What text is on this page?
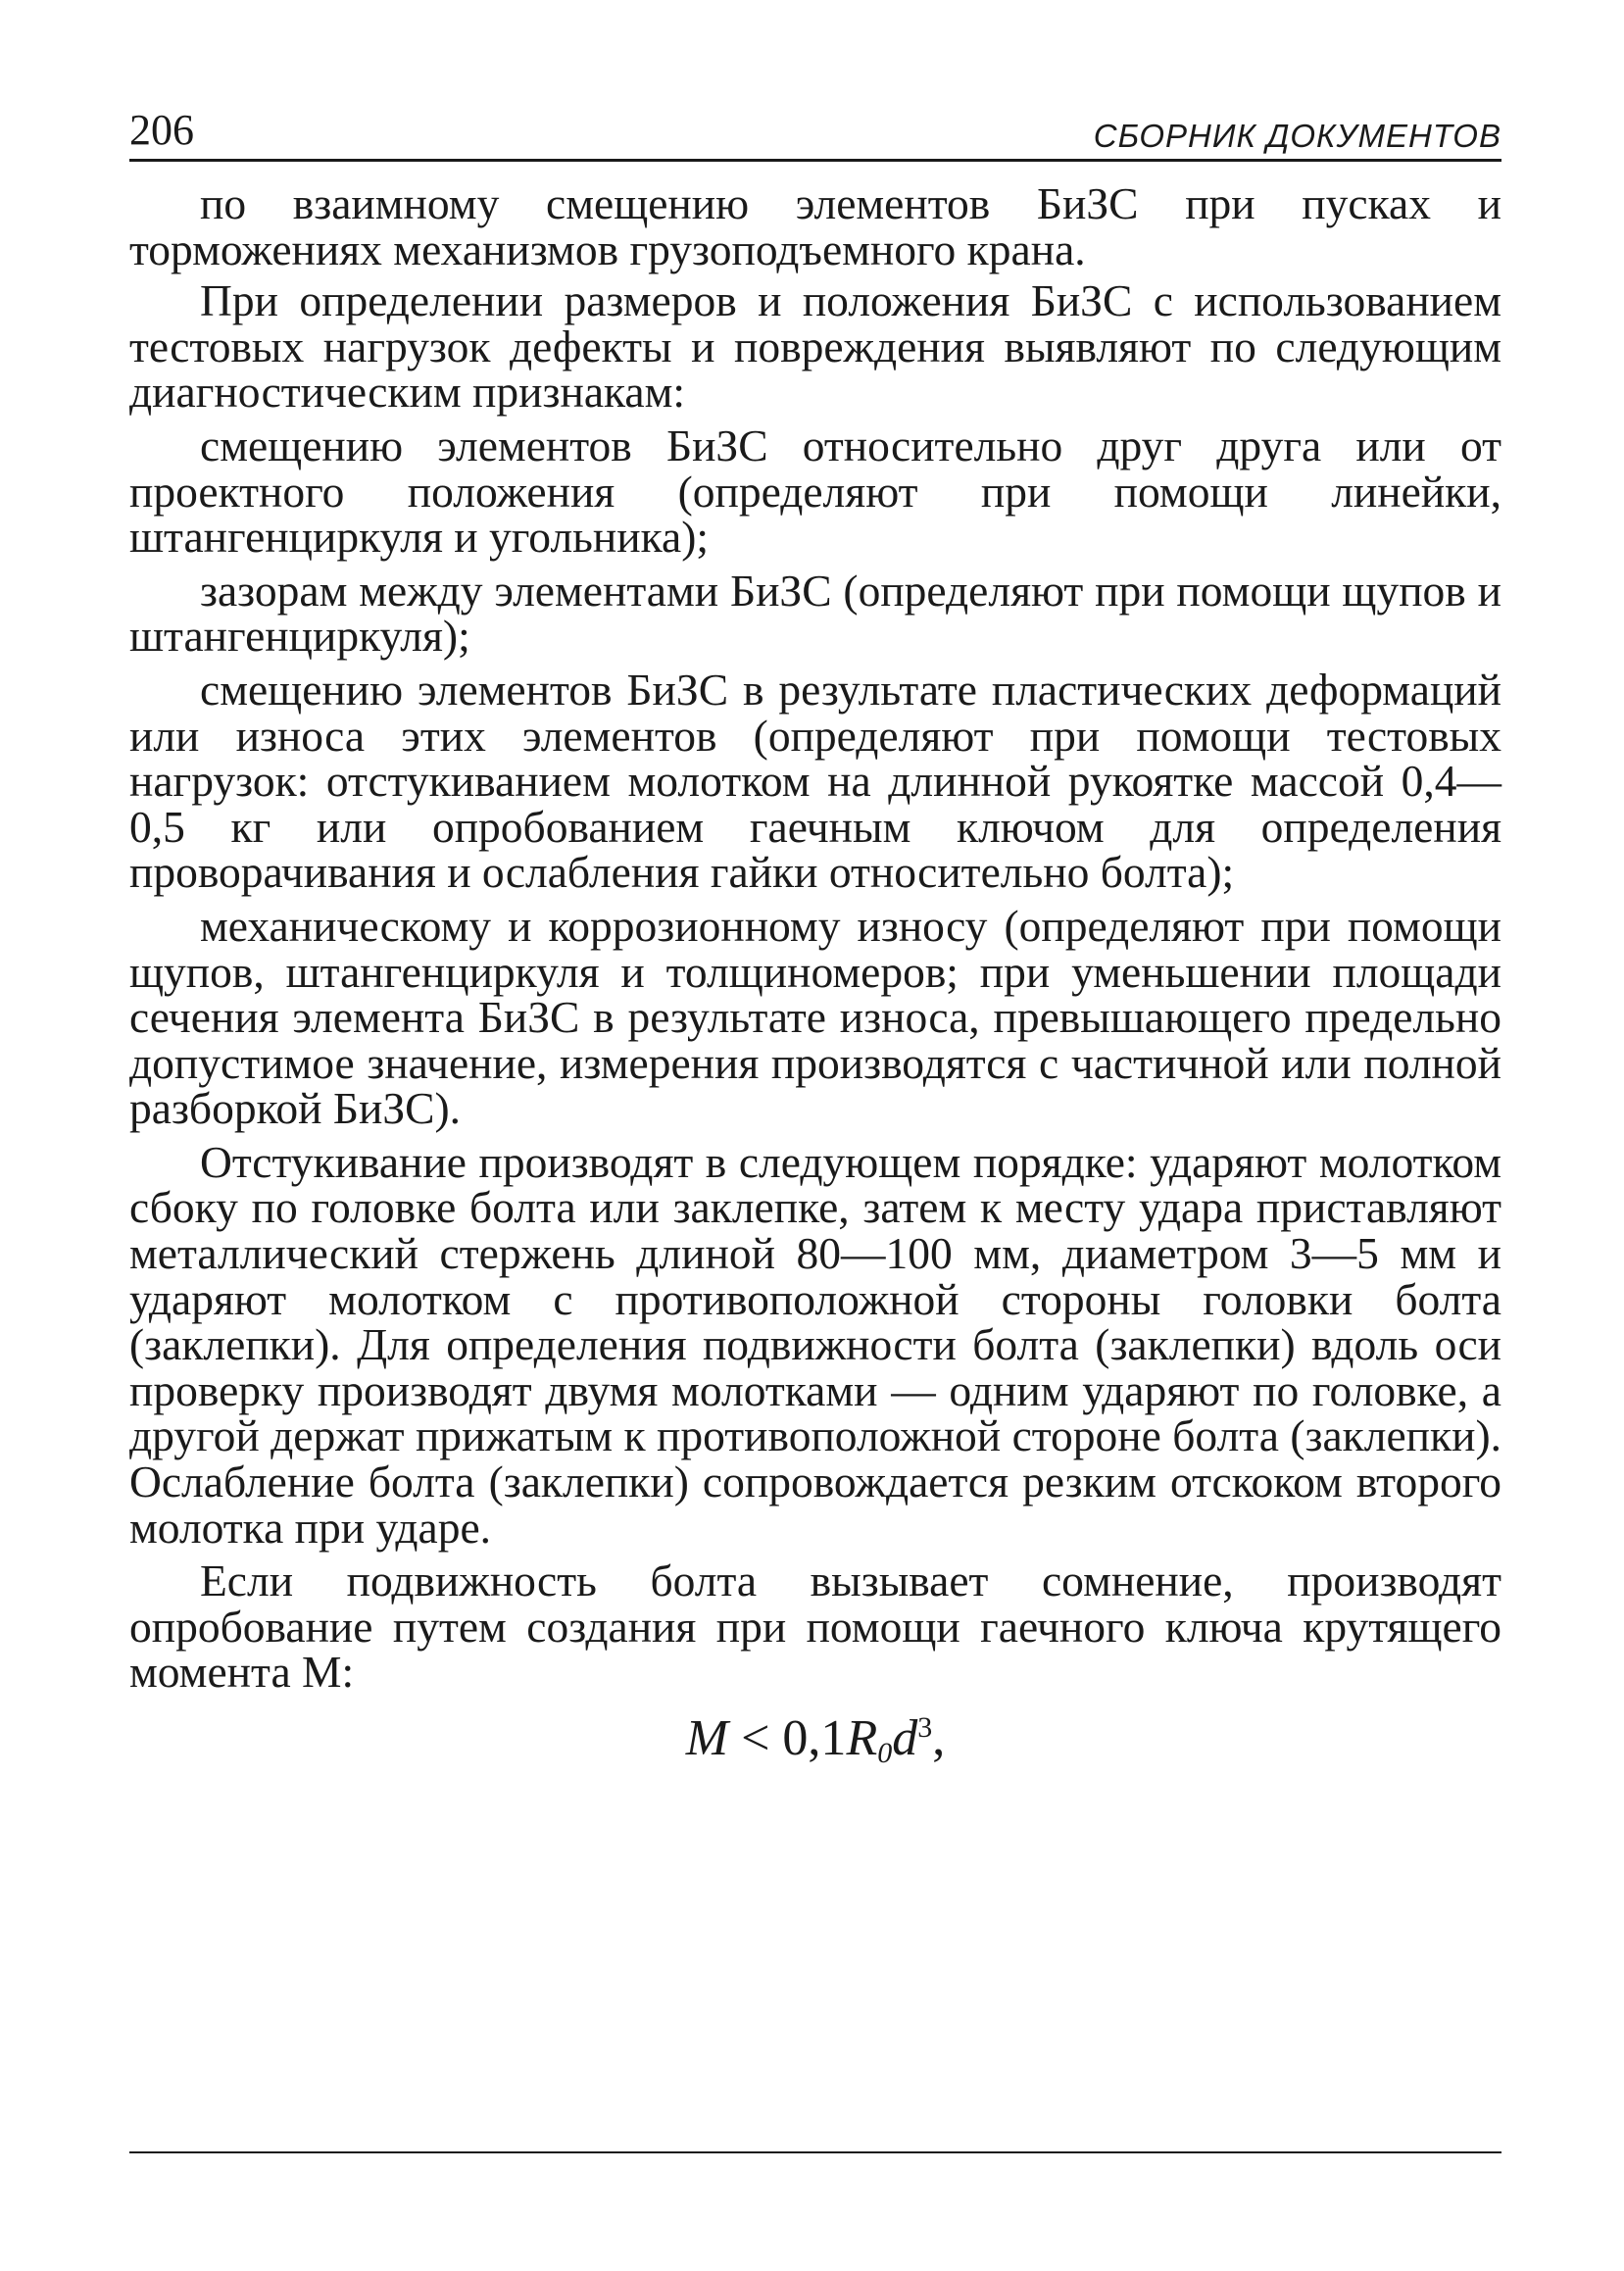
206	СБОРНИК ДОКУМЕНТОВ

по взаимному смещению элементов БиЗС при пусках и торможениях механизмов грузоподъемного крана.

При определении размеров и положения БиЗС с использованием тестовых нагрузок дефекты и повреждения выявляют по следующим диагностическим признакам:

смещению элементов БиЗС относительно друг друга или от проектного положения (определяют при помощи линейки, штангенциркуля и угольника);

зазорам между элементами БиЗС (определяют при помощи щупов и штангенциркуля);

смещению элементов БиЗС в результате пластических деформаций или износа этих элементов (определяют при помощи тестовых нагрузок: отстукиванием молотком на длинной рукоятке массой 0,4—0,5 кг или опробованием гаечным ключом для определения проворачивания и ослабления гайки относительно болта);

механическому и коррозионному износу (определяют при помощи щупов, штангенциркуля и толщиномеров; при уменьшении площади сечения элемента БиЗС в результате износа, превышающего предельно допустимое значение, измерения производятся с частичной или полной разборкой БиЗС).

Отстукивание производят в следующем порядке: ударяют молотком сбоку по головке болта или заклепке, затем к месту удара приставляют металлический стержень длиной 80—100 мм, диаметром 3—5 мм и ударяют молотком с противоположной стороны головки болта (заклепки). Для определения подвижности болта (заклепки) вдоль оси проверку производят двумя молотками — одним ударяют по головке, а другой держат прижатым к противоположной стороне болта (заклепки). Ослабление болта (заклепки) сопровождается резким отскоком второго молотка при ударе.

Если подвижность болта вызывает сомнение, производят опробование путем создания при помощи гаечного ключа крутящего момента М:

$M < 0,1R_0d^3$,
